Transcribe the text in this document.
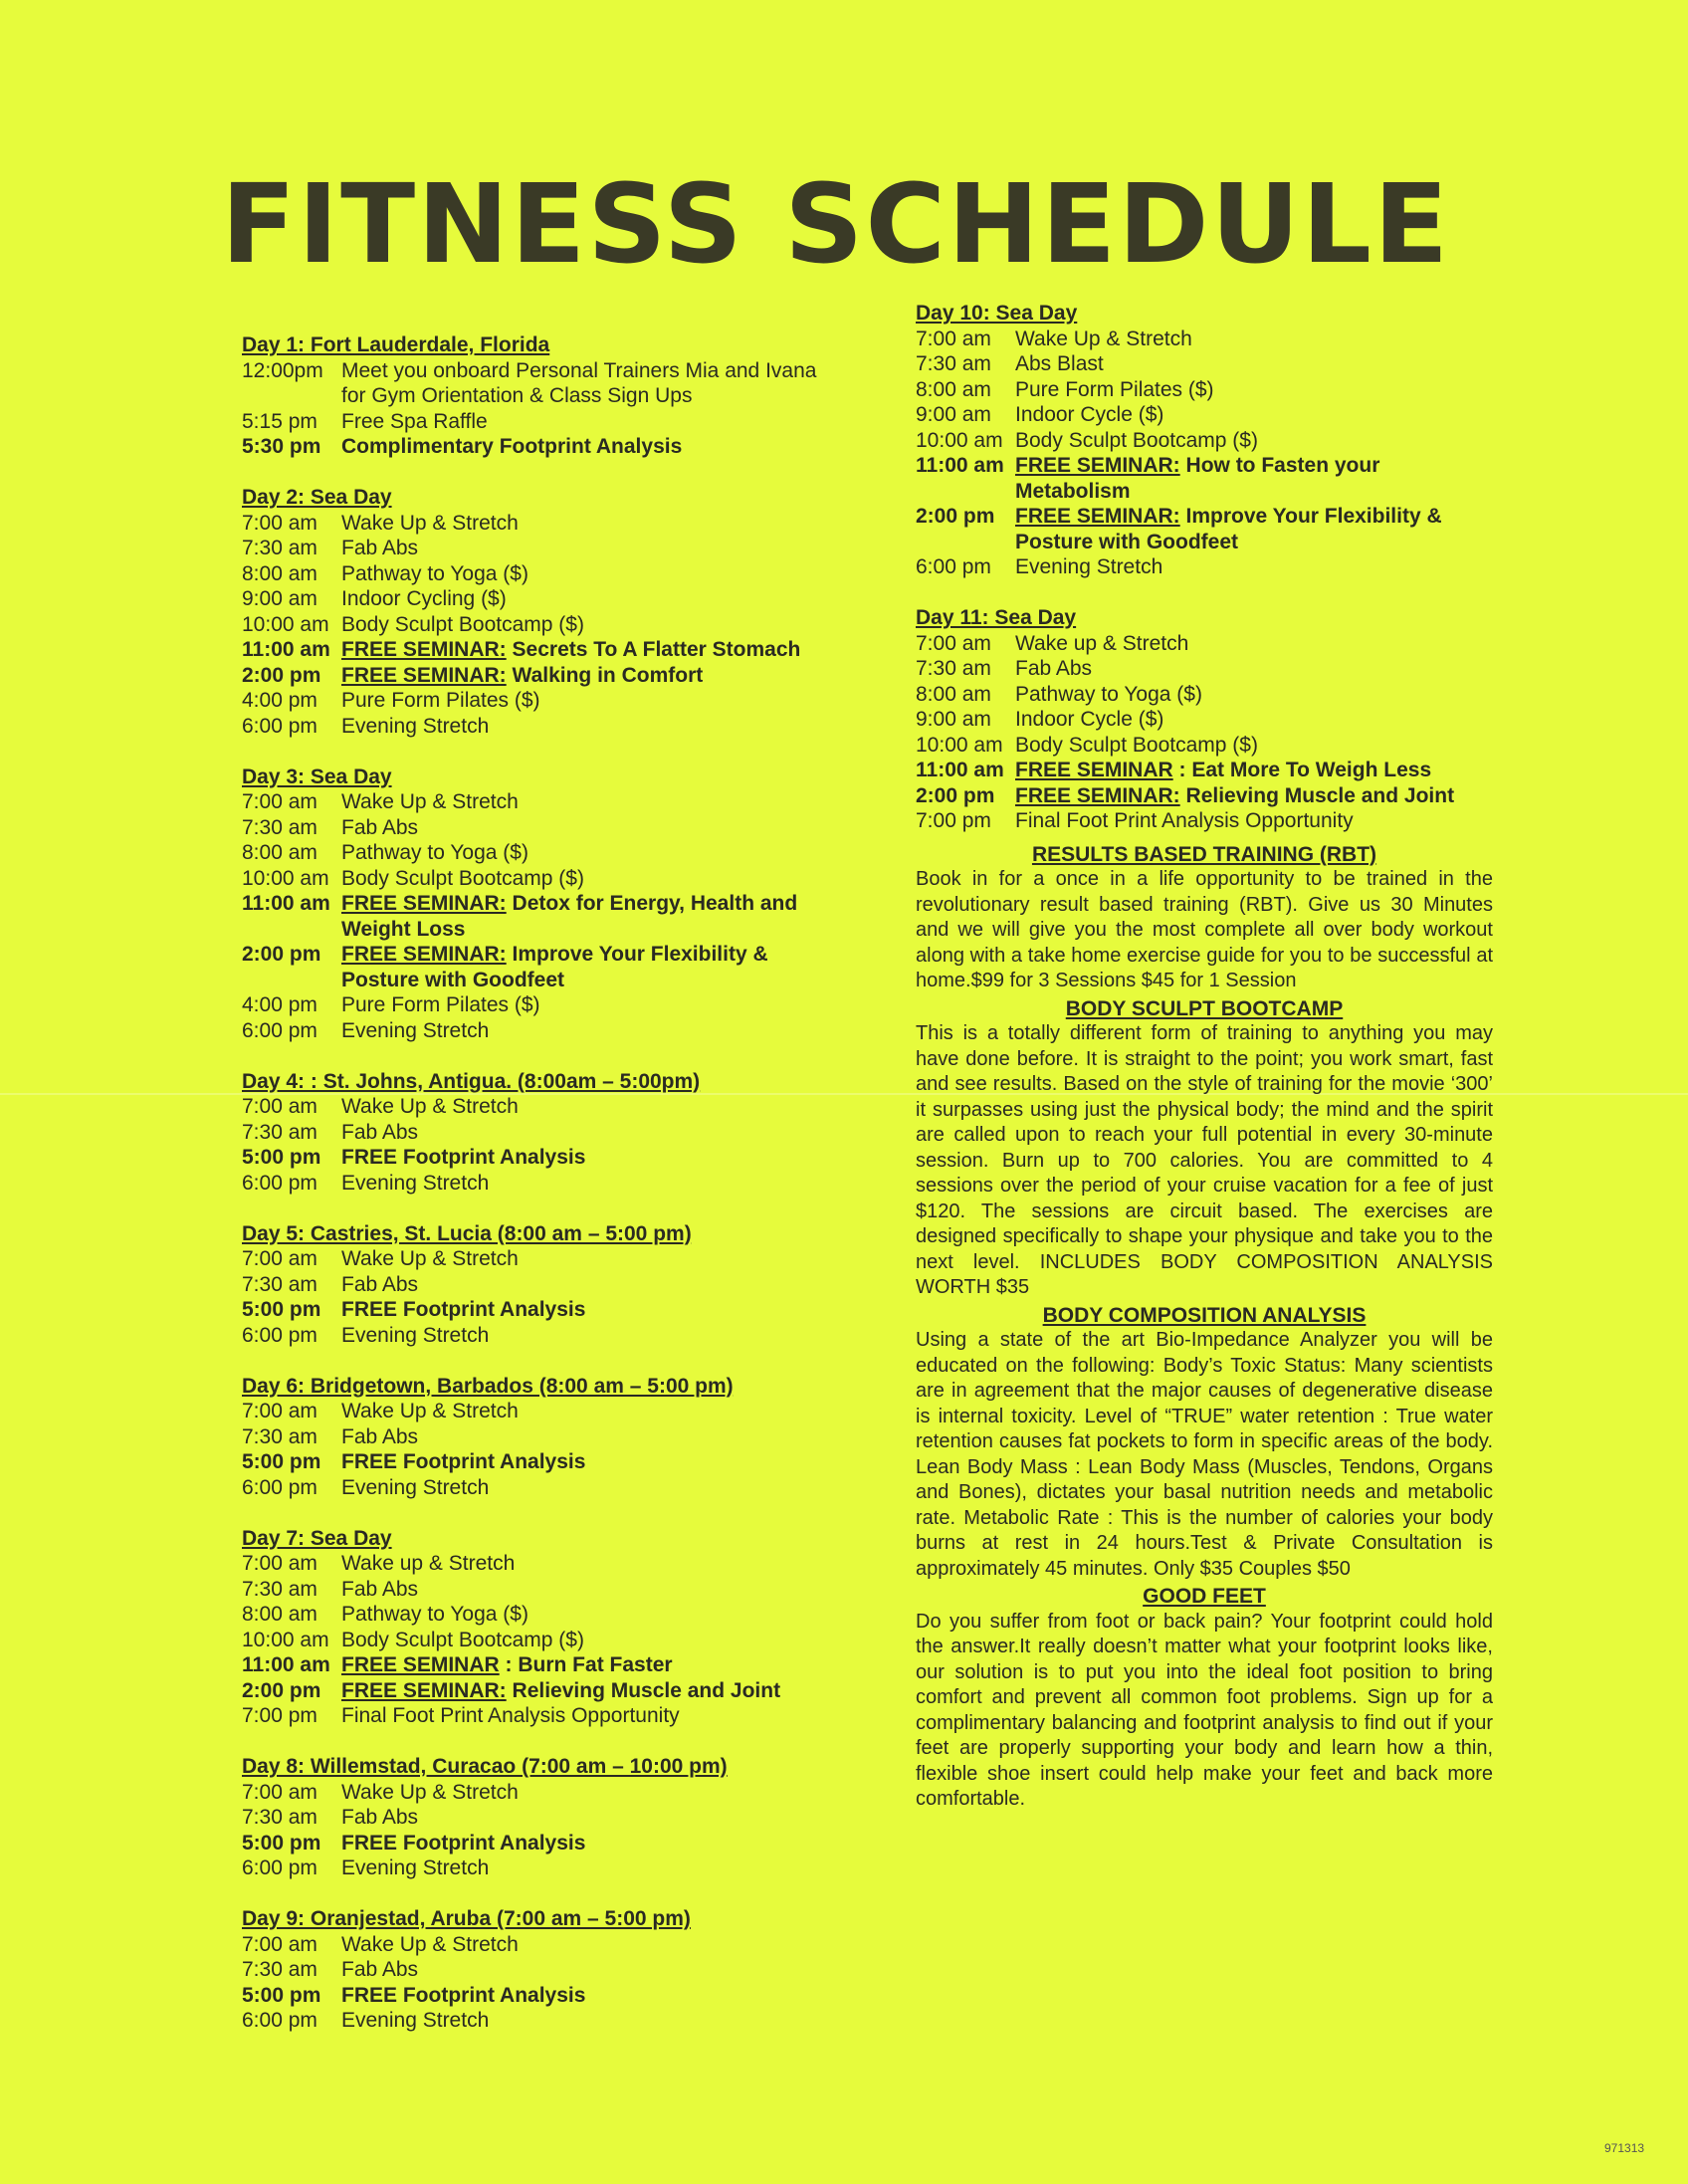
FITNESS SCHEDULE
Day 1: Fort Lauderdale, Florida
12:00pm Meet you onboard Personal Trainers Mia and Ivana for Gym Orientation & Class Sign Ups
5:15 pm	Free Spa Raffle
5:30 pm Complimentary Footprint Analysis
Day 2: Sea Day
7:00 am	Wake Up & Stretch
7:30 am	Fab Abs
8:00 am	Pathway to Yoga ($)
9:00 am	Indoor Cycling ($)
10:00 am Body Sculpt Bootcamp ($)
11:00 am FREE SEMINAR: Secrets To A Flatter Stomach
2:00 pm FREE SEMINAR: Walking in Comfort
4:00 pm	Pure Form Pilates ($)
6:00 pm	Evening Stretch
Day 3: Sea Day
7:00 am	Wake Up & Stretch
7:30 am	Fab Abs
8:00 am	Pathway to Yoga ($)
10:00 am Body Sculpt Bootcamp ($)
11:00 am FREE SEMINAR: Detox for Energy, Health and Weight Loss
2:00 pm FREE SEMINAR: Improve Your Flexibility & Posture with Goodfeet
4:00 pm	Pure Form Pilates ($)
6:00 pm	Evening Stretch
Day 4: : St. Johns, Antigua. (8:00am – 5:00pm)
7:00 am	Wake Up & Stretch
7:30 am	Fab Abs
5:00 pm FREE Footprint Analysis
6:00 pm	Evening Stretch
Day 5: Castries, St. Lucia (8:00 am – 5:00 pm)
7:00 am	Wake Up & Stretch
7:30 am	Fab Abs
5:00 pm FREE Footprint Analysis
6:00 pm	Evening Stretch
Day 6: Bridgetown, Barbados (8:00 am – 5:00 pm)
7:00 am	Wake Up & Stretch
7:30 am	Fab Abs
5:00 pm FREE Footprint Analysis
6:00 pm	Evening Stretch
Day 7: Sea Day
7:00 am	Wake up & Stretch
7:30 am	Fab Abs
8:00 am	Pathway to Yoga ($)
10:00 am Body Sculpt Bootcamp ($)
11:00 am FREE SEMINAR : Burn Fat Faster
2:00 pm FREE SEMINAR: Relieving Muscle and Joint
7:00 pm	Final Foot Print Analysis Opportunity
Day 8: Willemstad, Curacao (7:00 am – 10:00 pm)
7:00 am	Wake Up & Stretch
7:30 am	Fab Abs
5:00 pm FREE Footprint Analysis
6:00 pm	Evening Stretch
Day 9: Oranjestad, Aruba (7:00 am – 5:00 pm)
7:00 am	Wake Up & Stretch
7:30 am	Fab Abs
5:00 pm FREE Footprint Analysis
6:00 pm	Evening Stretch
Day 10: Sea Day
7:00 am	Wake Up & Stretch
7:30 am	Abs Blast
8:00 am	Pure Form Pilates ($)
9:00 am	Indoor Cycle ($)
10:00 am Body Sculpt Bootcamp ($)
11:00 am FREE SEMINAR: How to Fasten your Metabolism
2:00 pm FREE SEMINAR: Improve Your Flexibility & Posture with Goodfeet
6:00 pm	Evening Stretch
Day 11: Sea Day
7:00 am	Wake up & Stretch
7:30 am	Fab Abs
8:00 am	Pathway to Yoga ($)
9:00 am	Indoor Cycle ($)
10:00 am Body Sculpt Bootcamp ($)
11:00 am FREE SEMINAR : Eat More To Weigh Less
2:00 pm FREE SEMINAR: Relieving Muscle and Joint
7:00 pm	Final Foot Print Analysis Opportunity
RESULTS BASED TRAINING (RBT)

Book in for a once in a life opportunity to be trained in the revolutionary result based training (RBT). Give us 30 Minutes and we will give you the most complete all over body workout along with a take home exercise guide for you to be successful at home.$99 for 3 Sessions $45 for 1 Session

BODY SCULPT BOOTCAMP

This is a totally different form of training to anything you may have done before. It is straight to the point; you work smart, fast and see results. Based on the style of training for the movie ‘300’ it surpasses using just the physical body; the mind and the spirit are called upon to reach your full potential in every 30-minute session. Burn up to 700 calories. You are committed to 4 sessions over the period of your cruise vacation for a fee of just $120. The sessions are circuit based. The exercises are designed specifically to shape your physique and take you to the next level. INCLUDES BODY COMPOSITION ANALYSIS WORTH $35

BODY COMPOSITION ANALYSIS

Using a state of the art Bio-Impedance Analyzer you will be educated on the following: Body’s Toxic Status: Many scientists are in agreement that the major causes of degenerative disease is internal toxicity. Level of “TRUE” water retention : True water retention causes fat pockets to form in specific areas of the body. Lean Body Mass : Lean Body Mass (Muscles, Tendons, Organs and Bones), dictates your basal nutrition needs and metabolic rate. Metabolic Rate : This is the number of calories your body burns at rest in 24 hours.Test & Private Consultation is approximately 45 minutes. Only $35 Couples $50

GOOD FEET

Do you suffer from foot or back pain? Your footprint could hold the answer.It really doesn’t matter what your footprint looks like, our solution is to put you into the ideal foot position to bring comfort and prevent all common foot problems. Sign up for a complimentary balancing and footprint analysis to find out if your feet are properly supporting your body and learn how a thin, flexible shoe insert could help make your feet and back more comfortable.

971313
